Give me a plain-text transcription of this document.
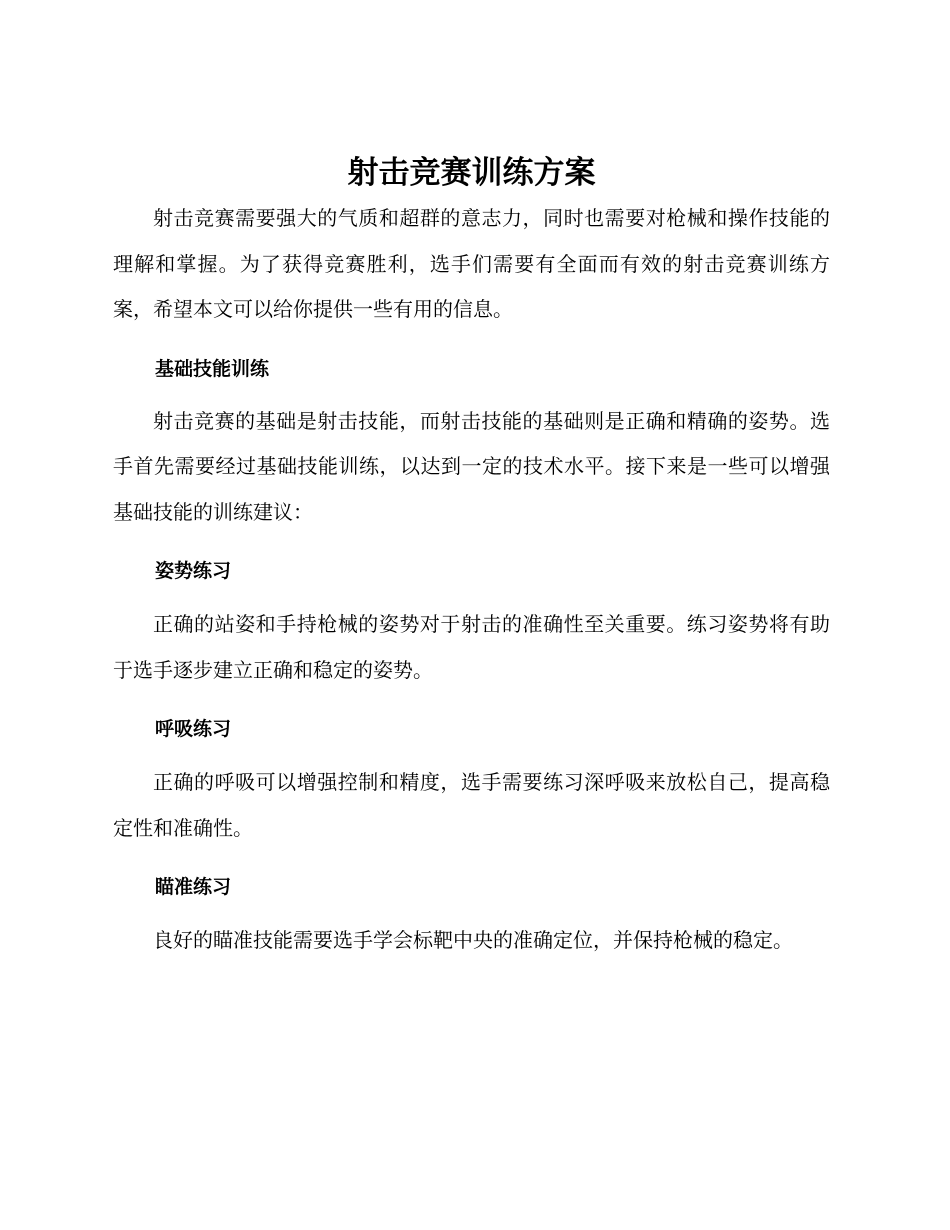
射击竞赛训练方案

射击竞赛需要强大的气质和超群的意志力，同时也需要对枪械和操作技能的理解和掌握。为了获得竞赛胜利，选手们需要有全面而有效的射击竞赛训练方案，希望本文可以给你提供一些有用的信息。

基础技能训练

射击竞赛的基础是射击技能，而射击技能的基础则是正确和精确的姿势。选手首先需要经过基础技能训练，以达到一定的技术水平。接下来是一些可以增强基础技能的训练建议：

姿势练习

正确的站姿和手持枪械的姿势对于射击的准确性至关重要。练习姿势将有助于选手逐步建立正确和稳定的姿势。

呼吸练习

正确的呼吸可以增强控制和精度，选手需要练习深呼吸来放松自己，提高稳定性和准确性。

瞄准练习

良好的瞄准技能需要选手学会标靶中央的准确定位，并保持枪械的稳定。
